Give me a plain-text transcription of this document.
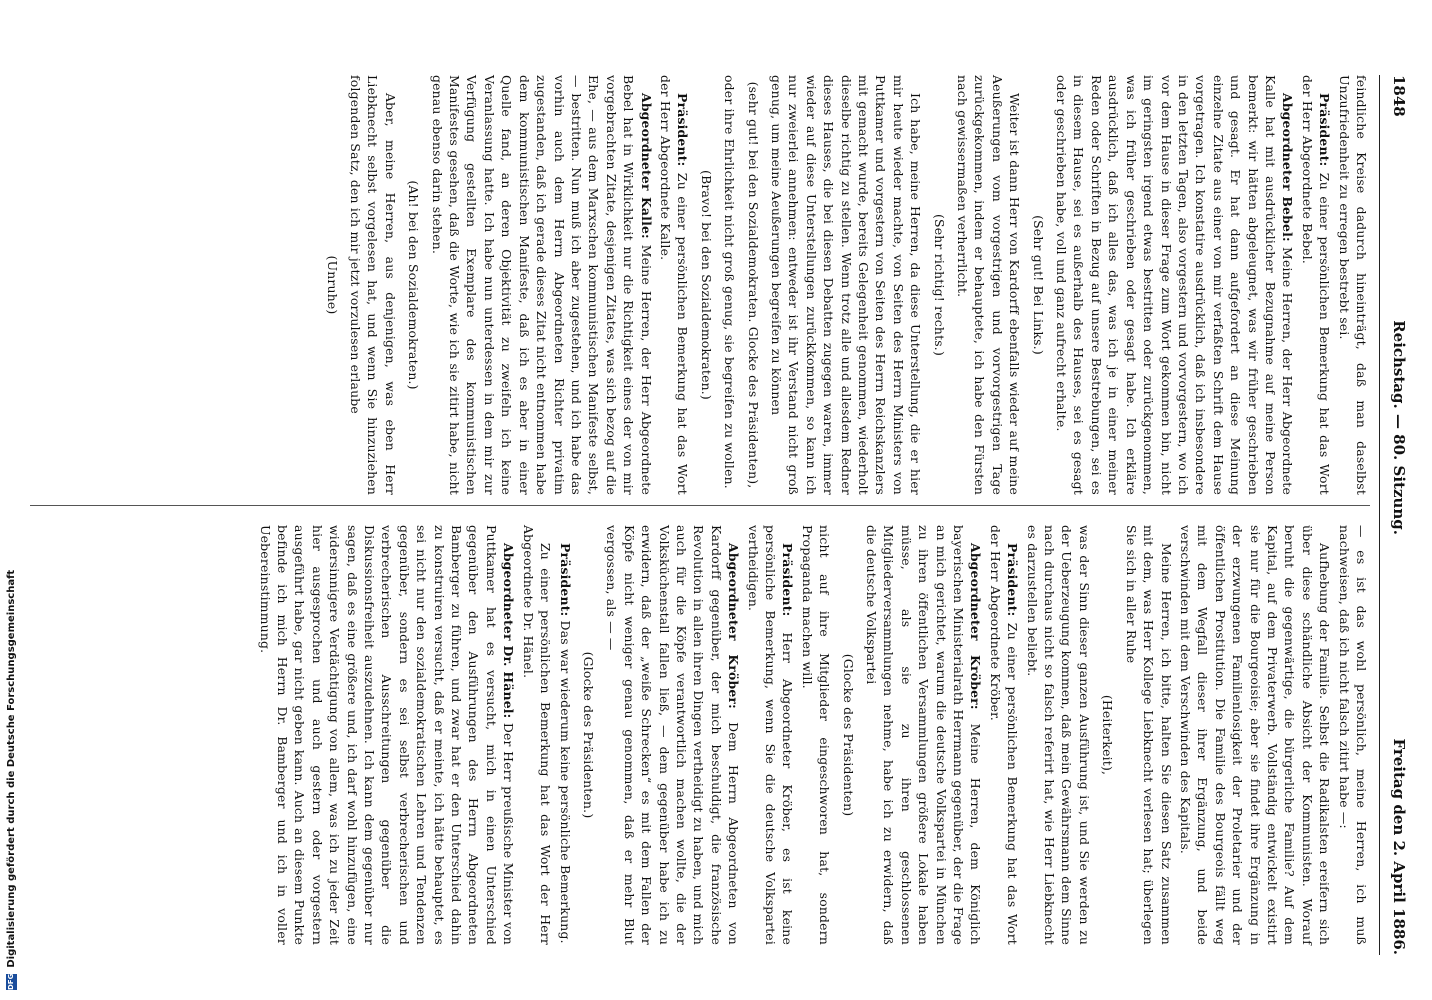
1848
Reichstag. — 80. Sitzung.
Freitag den 2. April 1886.

feindliche Kreise dadurch hineinträgt, daß man daselbst Unzufriedenheit zu erregen bestrebt sei.

Präsident: Zu einer persönlichen Bemerkung hat das Wort der Herr Abgeordnete Bebel.

Abgeordneter Bebel: Meine Herren, der Herr Abgeordnete Kalle hat mit ausdrücklicher Bezugnahme auf meine Person bemerkt: wir hätten abgeleugnet, was wir früher geschrieben und gesagt. Er hat dann aufgefordert an diese Meinung einzelne Zitate aus einer von mir verfaßten Schrift dem Hause vorgetragen. Ich konstatire ausdrücklich, daß ich insbesondere in den letzten Tagen, also vorgestern und vorvorgestern, wo ich vor dem Hause in dieser Frage zum Wort gekommen bin, nicht im geringsten irgend etwas bestritten oder zurückgenommen, was ich früher geschrieben oder gesagt habe. Ich erkläre ausdrücklich, daß ich alles das, was ich je in einer meiner Reden oder Schriften in Bezug auf unsere Bestrebungen, sei es in diesem Hause, sei es außerhalb des Hauses, sei es gesagt oder geschrieben habe, voll und ganz aufrecht erhalte.

(Sehr gut! Bei Links.)

Weiter ist dann Herr von Kardorff ebenfalls wieder auf meine Aeußerungen vom vorgestrigen und vorvorgestrigen Tage zurückgekommen, indem er behauptete, ich habe den Fürsten nach gewissermaßen verherrlicht.

(Sehr richtig! rechts.)

Ich habe, meine Herren, da diese Unterstellung, die er hier mir heute wieder machte, von Seiten des Herrn Ministers von Puttkamer und vorgestern von Seiten des Herrn Reichskanzlers mit gemacht wurde, bereits Gelegenheit genommen, wiederholt dieselbe richtig zu stellen. Wenn trotz alle und allesdem Redner dieses Hauses, die bei diesen Debatten zugegen waren, immer wieder auf diese Unterstellungen zurückkommen, so kann ich nur zweierlei annehmen: entweder ist ihr Verstand nicht groß genug, um meine Aeußerungen begreifen zu können

(sehr gut! bei den Sozialdemokraten. Glocke des Präsidenten),

oder ihre Ehrlichkeit nicht groß genug, sie begreifen zu wollen.

(Bravo! bei den Sozialdemokraten.)

Präsident: Zu einer persönlichen Bemerkung hat das Wort der Herr Abgeordnete Kalle.

Abgeordneter Kalle: Meine Herren, der Herr Abgeordnete Bebel hat in Wirklichkeit nur die Richtigkeit eines der von mir vorgebrachten Zitate, desjenigen Zitates, was sich bezog auf die Ehe, — aus dem Marxschen kommunistischen Manifeste selbst, — bestritten. Nun muß ich aber zugestehen, und ich habe das vorhin auch dem Herrn Abgeordneten Richter privatim zugestanden, daß ich gerade dieses Zitat nicht entnommen habe dem kommunistischen Manifeste, daß ich es aber in einer Quelle fand, an deren Objektivität zu zweifeln ich keine Veranlassung hatte. Ich habe nun unterdessen in dem mir zur Verfügung gestellten Exemplare des kommunistischen Manifestes gesehen, daß die Worte, wie ich sie zitirt habe, nicht genau ebenso darin stehen.

(Ah! bei den Sozialdemokraten.)

Aber, meine Herren, aus denjenigen, was eben Herr Liebknecht selbst vorgelesen hat, und wenn Sie hinzuziehen folgenden Satz, den ich mir jetzt vorzulesen erlaube

(Unruhe)

— es ist das wohl persönlich, meine Herren, ich muß nachweisen, daß ich nicht falsch zitirt habe —:

Aufhebung der Familie. Selbst die Radikalsten ereifern sich über diese schändliche Absicht der Kommunisten. Worauf beruht die gegenwärtige, die bürgerliche Familie? Auf dem Kapital, auf dem Privaterwerb. Vollständig entwickelt existirt sie nur für die Bourgeoisie; aber sie findet ihre Ergänzung in der erzwungenen Familienlosigkeit der Proletarier und der öffentlichen Prostitution. Die Familie des Bourgeois fällt weg mit dem Wegfall dieser ihrer Ergänzung, und beide verschwinden mit dem Verschwinden des Kapitals.

Meine Herren, ich bitte, halten Sie diesen Satz zusammen mit dem, was Herr Kollege Liebknecht verlesen hat; überlegen Sie sich in aller Ruhe

(Heiterkeit),

was der Sinn dieser ganzen Ausführung ist, und Sie werden zu der Ueberzeugung kommen, daß mein Gewährsmann dem Sinne nach durchaus nicht so falsch referirt hat, wie Herr Liebknecht es darzustellen beliebt.

Präsident: Zu einer persönlichen Bemerkung hat das Wort der Herr Abgeordnete Kröber.

Abgeordneter Kröber: Meine Herren, dem Königlich bayerischen Ministerialrath Herrmann gegenüber, der die Frage an mich gerichtet, warum die deutsche Volkspartei in München zu ihren öffentlichen Versammlungen größere Lokale haben müsse, als sie zu ihren geschlossenen Mitgliederversammlungen nehme, habe ich zu erwidern, daß die deutsche Volkspartei

(Glocke des Präsidenten)

nicht auf ihre Mitglieder eingeschworen hat, sondern Propaganda machen will.

Präsident: Herr Abgeordneter Kröber, es ist keine persönliche Bemerkung, wenn Sie die deutsche Volkspartei vertheidigen.

Abgeordneter Kröber: Dem Herrn Abgeordneten von Kardorff gegenüber, der mich beschuldigt, die französische Revolution in allen ihren Dingen vertheidigt zu haben, und mich auch für die Köpfe verantwortlich machen wollte, die der Volksküchenstall fallen ließ, — dem gegenüber habe ich zu erwidern, daß der „weiße Schrecken“ es mit dem Fallen der Köpfe nicht weniger genau genommen, daß er mehr Blut vergossen, als — —

(Glocke des Präsidenten.)

Präsident: Das war wiederum keine persönliche Bemerkung.

Zu einer persönlichen Bemerkung hat das Wort der Herr Abgeordnete Dr. Hänel.

Abgeordneter Dr. Hänel: Der Herr preußische Minister von Puttkamer hat es versucht, mich in einen Unterschied gegenüber den Ausführungen des Herrn Abgeordneten Bamberger zu führen, und zwar hat er den Unterschied dahin zu konstruiren versucht, daß er meinte, ich hätte behauptet, es sei nicht nur den sozialdemokratischen Lehren und Tendenzen gegenüber, sondern es sei selbst verbrecherischen und verbrecherischen Ausschreitungen gegenüber die Diskussionsfreiheit auszudehnen. Ich kann dem gegenüber nur sagen, daß es eine größere und, ich darf wohl hinzufügen, eine widersinnigere Verdächtigung von allem, was ich zu jeder Zeit hier ausgesprochen und auch gestern oder vorgestern ausgeführt habe, gar nicht geben kann. Auch an diesem Punkte befinde ich mich Herrn Dr. Bamberger und ich in voller Uebereinstimmung.

DFG
Digitalisierung gefördert durch die Deutsche Forschungsgemeinschaft
